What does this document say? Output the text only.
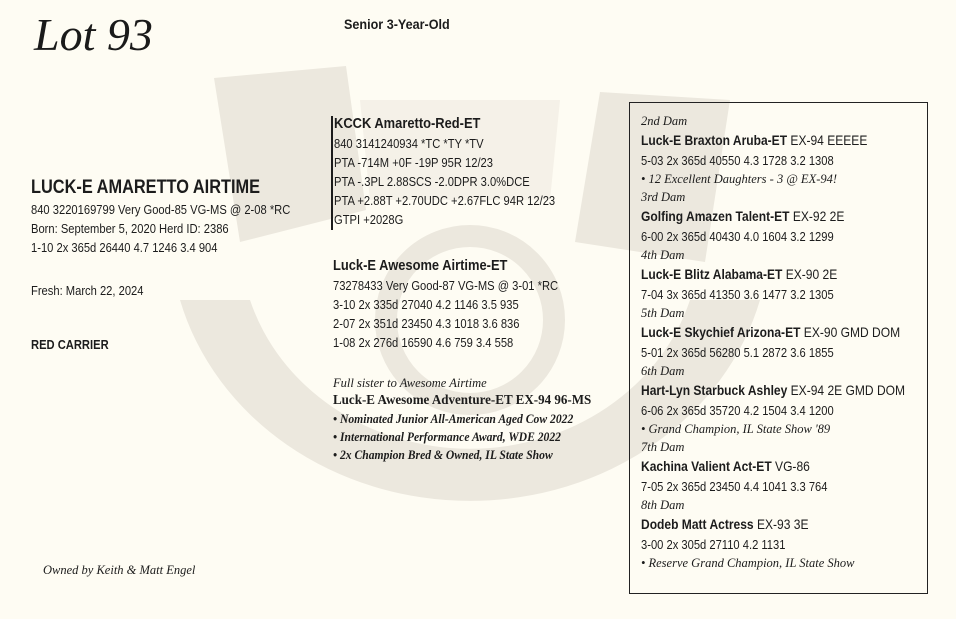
Lot 93	Senior 3-Year-Old
LUCK-E AMARETTO AIRTIME
840 3220169799 Very Good-85 VG-MS @ 2-08 *RC
Born: September 5, 2020 Herd ID: 2386
1-10 2x 365d 26440 4.7 1246 3.4 904
Fresh: March 22, 2024
RED CARRIER
KCCK Amaretto-Red-ET
840 3141240934 *TC *TY *TV
PTA -714M +0F -19P 95R 12/23
PTA -.3PL 2.88SCS -2.0DPR 3.0%DCE
PTA +2.88T +2.70UDC +2.67FLC 94R 12/23
GTPI +2028G
Luck-E Awesome Airtime-ET
73278433 Very Good-87 VG-MS @ 3-01 *RC
3-10 2x 335d 27040 4.2 1146 3.5 935
2-07 2x 351d 23450 4.3 1018 3.6 836
1-08 2x 276d 16590 4.6 759 3.4 558
Full sister to Awesome Airtime
Luck-E Awesome Adventure-ET EX-94 96-MS
• Nominated Junior All-American Aged Cow 2022
• International Performance Award, WDE 2022
• 2x Champion Bred & Owned, IL State Show
2nd Dam
Luck-E Braxton Aruba-ET EX-94 EEEEE
5-03 2x 365d 40550 4.3 1728 3.2 1308
• 12 Excellent Daughters - 3 @ EX-94!
3rd Dam
Golfing Amazen Talent-ET EX-92 2E
6-00 2x 365d 40430 4.0 1604 3.2 1299
4th Dam
Luck-E Blitz Alabama-ET EX-90 2E
7-04 3x 365d 41350 3.6 1477 3.2 1305
5th Dam
Luck-E Skychief Arizona-ET EX-90 GMD DOM
5-01 2x 365d 56280 5.1 2872 3.6 1855
6th Dam
Hart-Lyn Starbuck Ashley EX-94 2E GMD DOM
6-06 2x 365d 35720 4.2 1504 3.4 1200
• Grand Champion, IL State Show '89
7th Dam
Kachina Valient Act-ET VG-86
7-05 2x 365d 23450 4.4 1041 3.3 764
8th Dam
Dodeb Matt Actress EX-93 3E
3-00 2x 305d 27110 4.2 1131
• Reserve Grand Champion, IL State Show
Owned by Keith & Matt Engel
